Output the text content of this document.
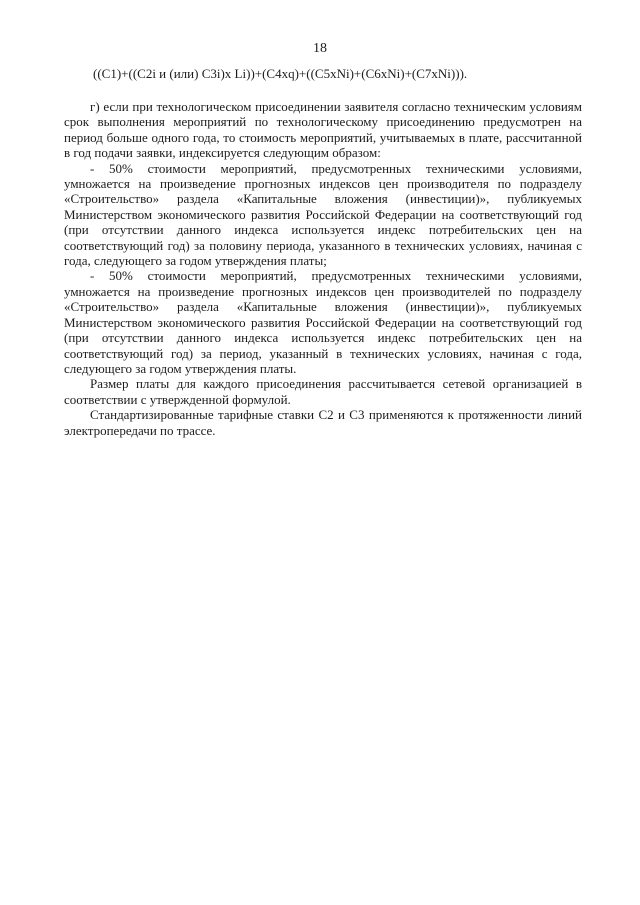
18
((C1)+((C2i и (или) C3i)x Li))+(C4xq)+((C5xNi)+(C6xNi)+(C7xNi))).

г) если при технологическом присоединении заявителя согласно техническим условиям срок выполнения мероприятий по технологическому присоединению предусмотрен на период больше одного года, то стоимость мероприятий, учитываемых в плате, рассчитанной в год подачи заявки, индексируется следующим образом:

- 50% стоимости мероприятий, предусмотренных техническими условиями, умножается на произведение прогнозных индексов цен производителя по подразделу «Строительство» раздела «Капитальные вложения (инвестиции)», публикуемых Министерством экономического развития Российской Федерации на соответствующий год (при отсутствии данного индекса используется индекс потребительских цен на соответствующий год) за половину периода, указанного в технических условиях, начиная с года, следующего за годом утверждения платы;

- 50% стоимости мероприятий, предусмотренных техническими условиями, умножается на произведение прогнозных индексов цен производителей по подразделу «Строительство» раздела «Капитальные вложения (инвестиции)», публикуемых Министерством экономического развития Российской Федерации на соответствующий год (при отсутствии данного индекса используется индекс потребительских цен на соответствующий год) за период, указанный в технических условиях, начиная с года, следующего за годом утверждения платы.

Размер платы для каждого присоединения рассчитывается сетевой организацией в соответствии с утвержденной формулой.

Стандартизированные тарифные ставки С2 и С3 применяются к протяженности линий электропередачи по трассе.
